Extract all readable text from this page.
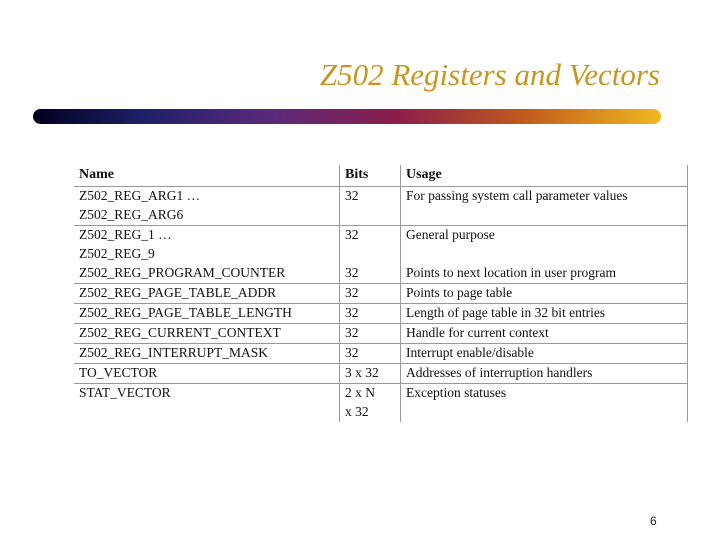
Z502 Registers and Vectors
Name	Bits	Usage
Z502_REG_ARG1 …	32	For passing system call parameter values
Z502_REG_ARG6		
Z502_REG_1 …	32	General purpose
Z502_REG_9		
Z502_REG_PROGRAM_COUNTER	32	Points to next location in user program
Z502_REG_PAGE_TABLE_ADDR	32	Points to page table
Z502_REG_PAGE_TABLE_LENGTH	32	Length of page table in 32 bit entries
Z502_REG_CURRENT_CONTEXT	32	Handle for current context
Z502_REG_INTERRUPT_MASK	32	Interrupt enable/disable
TO_VECTOR	3 x 32	Addresses of interruption handlers
STAT_VECTOR	2 x N	Exception statuses
	x 32	
6
